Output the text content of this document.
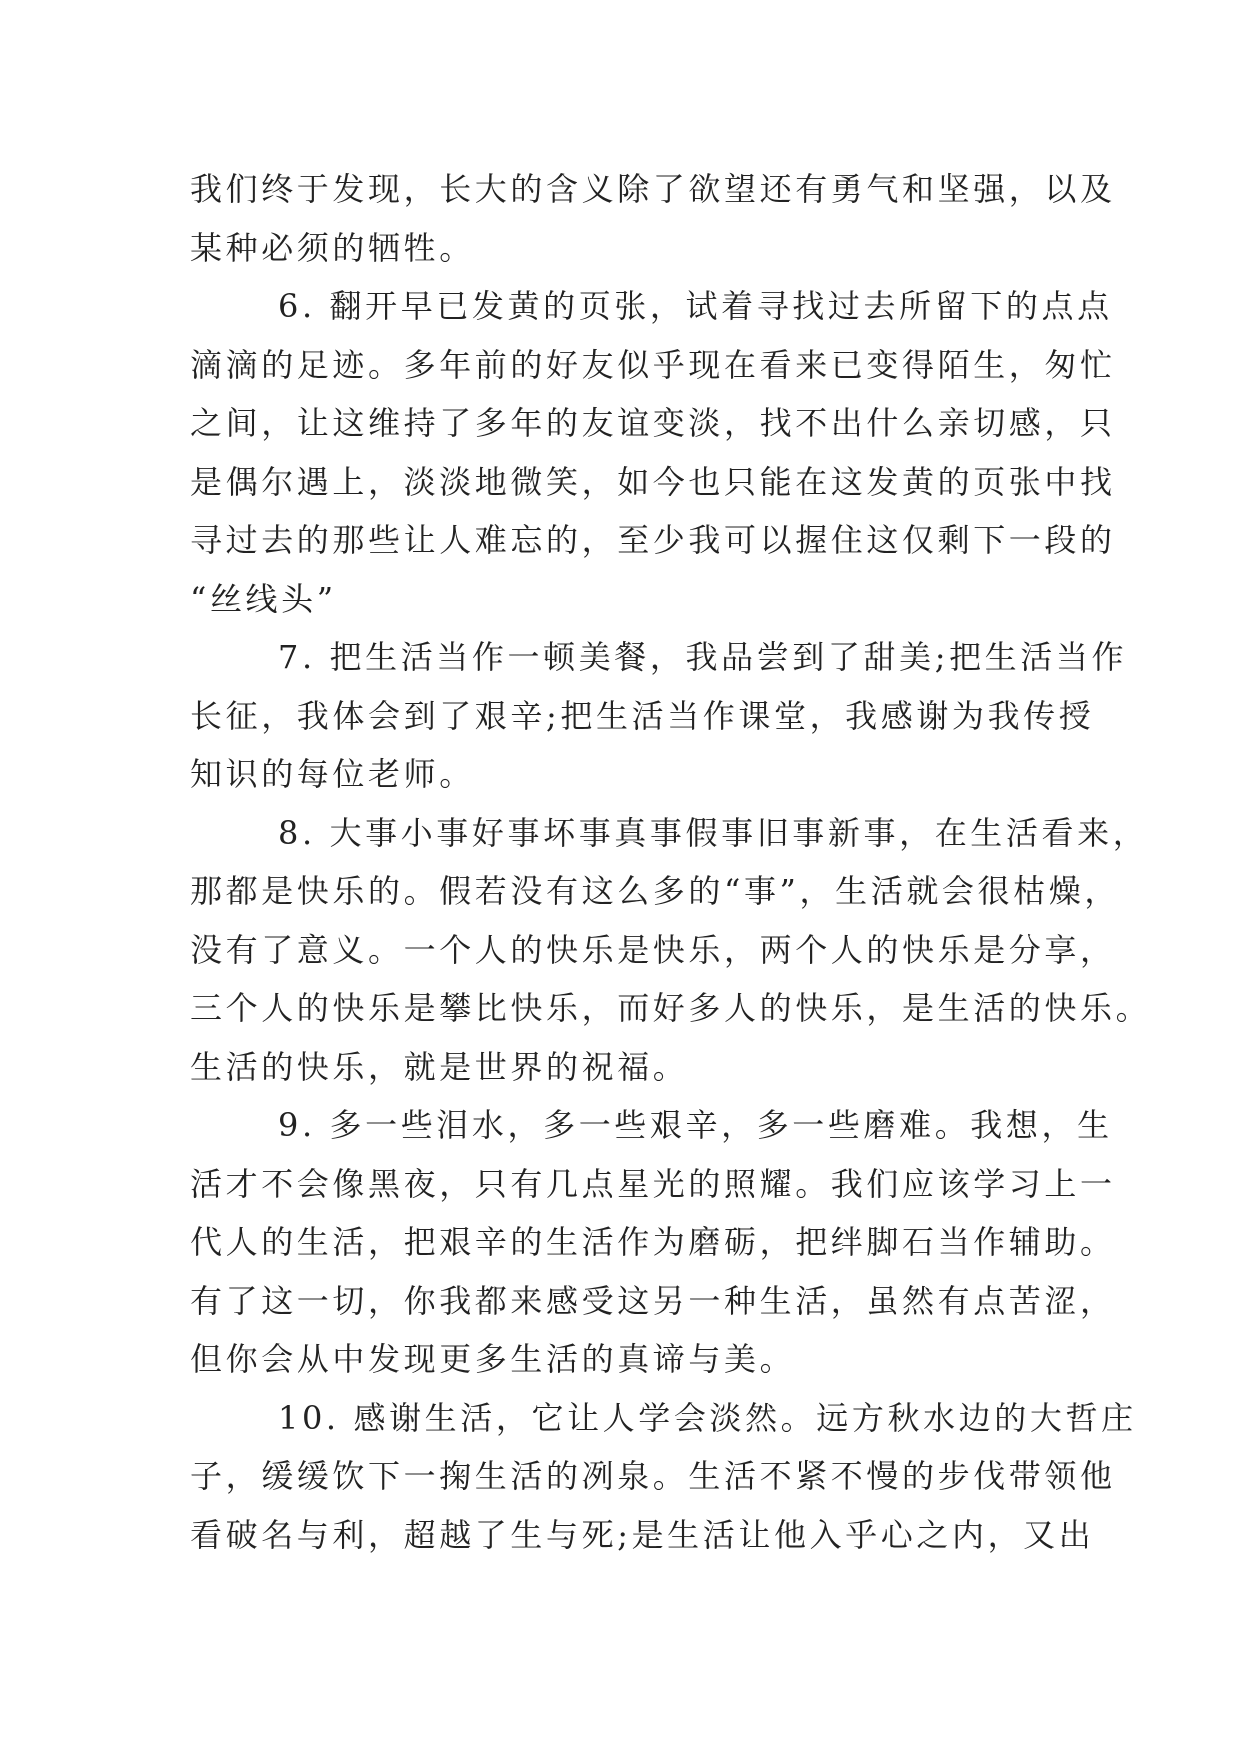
我们终于发现，长大的含义除了欲望还有勇气和坚强，以及
某种必须的牺牲。
6. 翻开早已发黄的页张，试着寻找过去所留下的点点
滴滴的足迹。多年前的好友似乎现在看来已变得陌生，匆忙
之间，让这维持了多年的友谊变淡，找不出什么亲切感，只
是偶尔遇上，淡淡地微笑，如今也只能在这发黄的页张中找
寻过去的那些让人难忘的，至少我可以握住这仅剩下一段的
“丝线头”
7. 把生活当作一顿美餐，我品尝到了甜美;把生活当作
长征，我体会到了艰辛;把生活当作课堂，我感谢为我传授
知识的每位老师。
8. 大事小事好事坏事真事假事旧事新事，在生活看来，
那都是快乐的。假若没有这么多的“事”，生活就会很枯燥，
没有了意义。一个人的快乐是快乐，两个人的快乐是分享，
三个人的快乐是攀比快乐，而好多人的快乐，是生活的快乐。
生活的快乐，就是世界的祝福。
9. 多一些泪水，多一些艰辛，多一些磨难。我想，生
活才不会像黑夜，只有几点星光的照耀。我们应该学习上一
代人的生活，把艰辛的生活作为磨砺，把绊脚石当作辅助。
有了这一切，你我都来感受这另一种生活，虽然有点苦涩，
但你会从中发现更多生活的真谛与美。
10. 感谢生活，它让人学会淡然。远方秋水边的大哲庄
子，缓缓饮下一掬生活的冽泉。生活不紧不慢的步伐带领他
看破名与利，超越了生与死;是生活让他入乎心之内，又出
